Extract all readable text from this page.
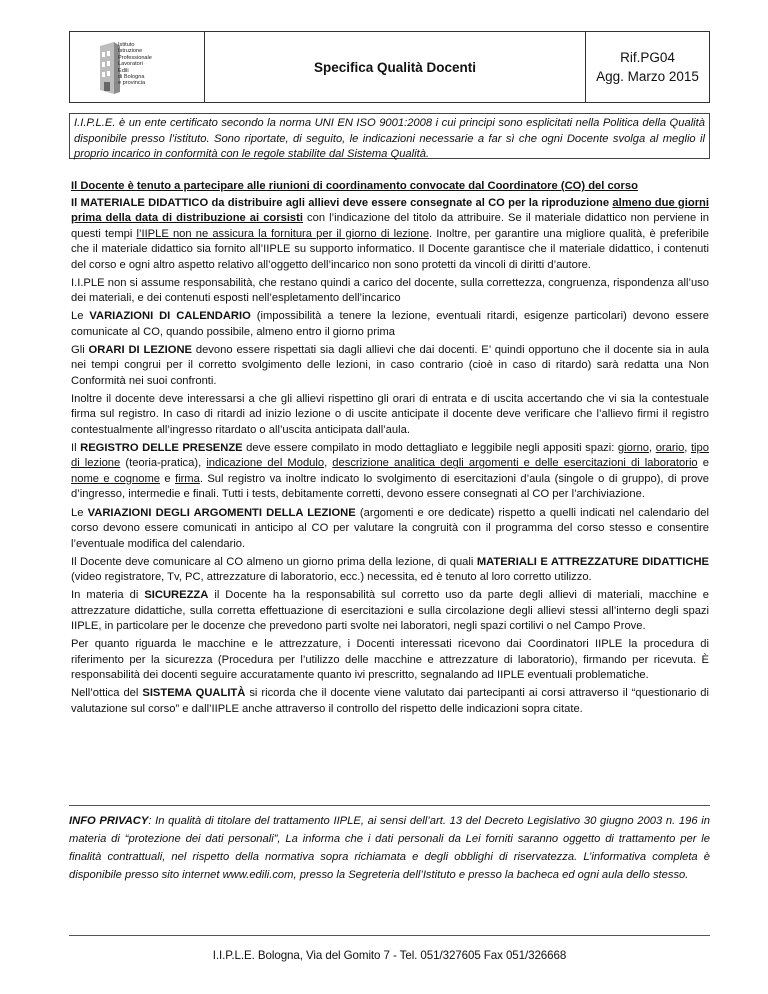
Istituto
Istruzione
Professionale
Lavoratori
Edili
di Bologna
e provincia
Specifica Qualità Docenti
Rif.PG04
Agg. Marzo 2015
I.I.P.L.E. è un ente certificato secondo la norma UNI EN ISO 9001:2008 i cui principi sono esplicitati nella Politica della Qualità disponibile presso l’istituto. Sono riportate, di seguito, le indicazioni necessarie a far sì che ogni Docente svolga al meglio il proprio incarico in conformità con le regole stabilite dal Sistema Qualità.

Il Docente è tenuto a partecipare alle riunioni di coordinamento convocate dal Coordinatore (CO) del corso

Il MATERIALE DIDATTICO da distribuire agli allievi deve essere consegnate al CO per la riproduzione almeno due giorni prima della data di distribuzione ai corsisti con l’indicazione del titolo da attribuire. Se il materiale didattico non perviene in questi tempi l’IIPLE non ne assicura la fornitura per il giorno di lezione. Inoltre, per garantire una migliore qualità, è preferibile che il materiale didattico sia fornito all’IIPLE su supporto informatico. Il Docente garantisce che il materiale didattico, i contenuti del corso e ogni altro aspetto relativo all’oggetto dell’incarico non sono protetti da vincoli di diritti d’autore.

I.I.PLE non si assume responsabilità, che restano quindi a carico del docente, sulla correttezza, congruenza, rispondenza all’uso dei materiali, e dei contenuti esposti nell’espletamento dell’incarico

Le VARIAZIONI DI CALENDARIO (impossibilità a tenere la lezione, eventuali ritardi, esigenze particolari) devono essere comunicate al CO, quando possibile, almeno entro il giorno prima

Gli ORARI DI LEZIONE devono essere rispettati sia dagli allievi che dai docenti. E’ quindi opportuno che il docente sia in aula nei tempi congrui per il corretto svolgimento delle lezioni, in caso contrario (cioè in caso di ritardo) sarà redatta una Non Conformità nei suoi confronti.

Inoltre il docente deve interessarsi a che gli allievi rispettino gli orari di entrata e di uscita accertando che vi sia la contestuale firma sul registro. In caso di ritardi ad inizio lezione o di uscite anticipate il docente deve verificare che l’allievo firmi il registro contestualmente all’ingresso ritardato o all’uscita anticipata dall’aula.

Il REGISTRO DELLE PRESENZE deve essere compilato in modo dettagliato e leggibile negli appositi spazi: giorno, orario, tipo di lezione (teoria-pratica), indicazione del Modulo, descrizione analitica degli argomenti e delle esercitazioni di laboratorio e nome e cognome e firma. Sul registro va inoltre indicato lo svolgimento di esercitazioni d’aula (singole o di gruppo), di prove d’ingresso, intermedie e finali. Tutti i tests, debitamente corretti, devono essere consegnati al CO per l’archiviazione.

Le VARIAZIONI DEGLI ARGOMENTI DELLA LEZIONE (argomenti e ore dedicate) rispetto a quelli indicati nel calendario del corso devono essere comunicati in anticipo al CO per valutare la congruità con il programma del corso stesso e consentire l’eventuale modifica del calendario.

Il Docente deve comunicare al CO almeno un giorno prima della lezione, di quali MATERIALI E ATTREZZATURE DIDATTICHE (video registratore, Tv, PC, attrezzature di laboratorio, ecc.) necessita, ed è tenuto al loro corretto utilizzo.

In materia di SICUREZZA il Docente ha la responsabilità sul corretto uso da parte degli allievi di materiali, macchine e attrezzature didattiche, sulla corretta effettuazione di esercitazioni e sulla circolazione degli allievi stessi all’interno degli spazi IIPLE, in particolare per le docenze che prevedono parti svolte nei laboratori, negli spazi cortilivi o nel Campo Prove.

Per quanto riguarda le macchine e le attrezzature, i Docenti interessati ricevono dai Coordinatori IIPLE la procedura di riferimento per la sicurezza (Procedura per l’utilizzo delle macchine e attrezzature di laboratorio), firmando per ricevuta. È responsabilità dei docenti seguire accuratamente quanto ivi prescritto, segnalando ad IIPLE eventuali problematiche.

Nell’ottica del SISTEMA QUALITÀ si ricorda che il docente viene valutato dai partecipanti ai corsi attraverso il “questionario di valutazione sul corso” e dall’IIPLE anche attraverso il controllo del rispetto delle indicazioni sopra citate.

INFO PRIVACY: In qualità di titolare del trattamento IIPLE, ai sensi dell’art. 13 del Decreto Legislativo 30 giugno 2003 n. 196 in materia di “protezione dei dati personali”, La informa che i dati personali da Lei forniti saranno oggetto di trattamento per le finalità contrattuali, nel rispetto della normativa sopra richiamata e degli obblighi di riservatezza. L’informativa completa è disponibile presso sito internet www.edili.com, presso la Segreteria dell’Istituto e presso la bacheca ed ogni aula dello stesso.
I.I.P.L.E. Bologna, Via del Gomito 7 - Tel. 051/327605 Fax 051/326668
